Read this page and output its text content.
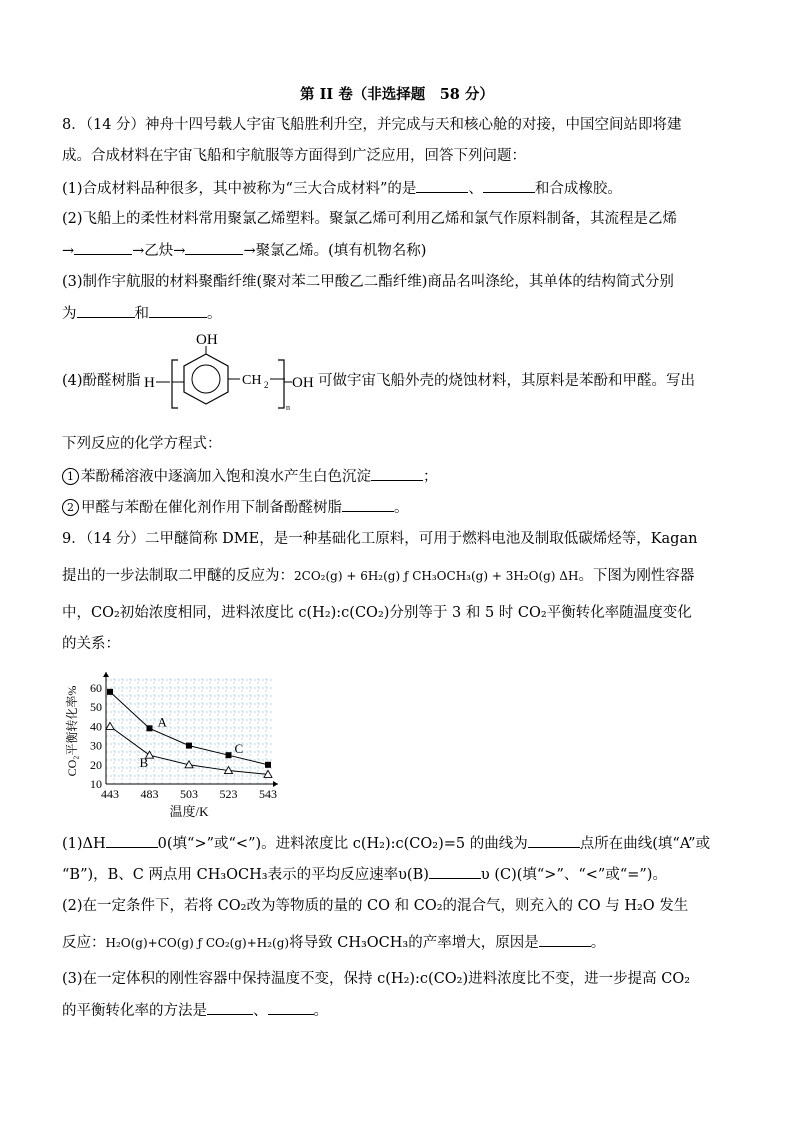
第 II 卷（非选择题　58 分）
8．（14 分）神舟十四号载人宇宙飞船胜利升空，并完成与天和核心舱的对接，中国空间站即将建
成。合成材料在宇宙飞船和宇航服等方面得到广泛应用，回答下列问题：
(1)合成材料品种很多，其中被称为“三大合成材料”的是	、	和合成橡胶。
(2)飞船上的柔性材料常用聚氯乙烯塑料。聚氯乙烯可利用乙烯和氯气作原料制备，其流程是乙烯
→	→乙炔→	→聚氯乙烯。(填有机物名称)
(3)制作宇航服的材料聚酯纤维(聚对苯二甲酸乙二酯纤维)商品名叫涤纶，其单体的结构简式分别
为	和	。
(4)酚醛树脂 H
OH
CH 2
n
OH 可做宇宙飞船外壳的烧蚀材料，其原料是苯酚和甲醛。写出
下列反应的化学方程式：
1 苯酚稀溶液中逐滴加入饱和溴水产生白色沉淀	；
2 甲醛与苯酚在催化剂作用下制备酚醛树脂	。
9．（14 分）二甲醚简称 DME，是一种基础化工原料，可用于燃料电池及制取低碳烯烃等，Kagan
提出的一步法制取二甲醚的反应为：2CO₂(g) + 6H₂(g) ƒ CH₃OCH₃(g) + 3H₂O(g) ΔH。下图为刚性容器
中，CO₂初始浓度相同，进料浓度比 c(H₂):c(CO₂)分别等于 3 和 5 时 CO₂平衡转化率随温度变化
的关系：
10
20
30
40
50
60
443 483 503 523 543
温度/K
CO₂平衡转化率%	A
B
C
(1)ΔH	0(填“>”或“<”)。进料浓度比 c(H₂):c(CO₂)=5 的曲线为	点所在曲线(填“A”或
“B”)，B、C 两点用 CH₃OCH₃表示的平均反应速率υ(B)	υ (C)(填“>”、“<”或“=”)。
(2)在一定条件下，若将 CO₂改为等物质的量的 CO 和 CO₂的混合气，则充入的 CO 与 H₂O 发生
反应：H₂O(g)+CO(g) ƒ CO₂(g)+H₂(g)将导致 CH₃OCH₃的产率增大，原因是	。
(3)在一定体积的刚性容器中保持温度不变，保持 c(H₂):c(CO₂)进料浓度比不变，进一步提高 CO₂
的平衡转化率的方法是	、	。
